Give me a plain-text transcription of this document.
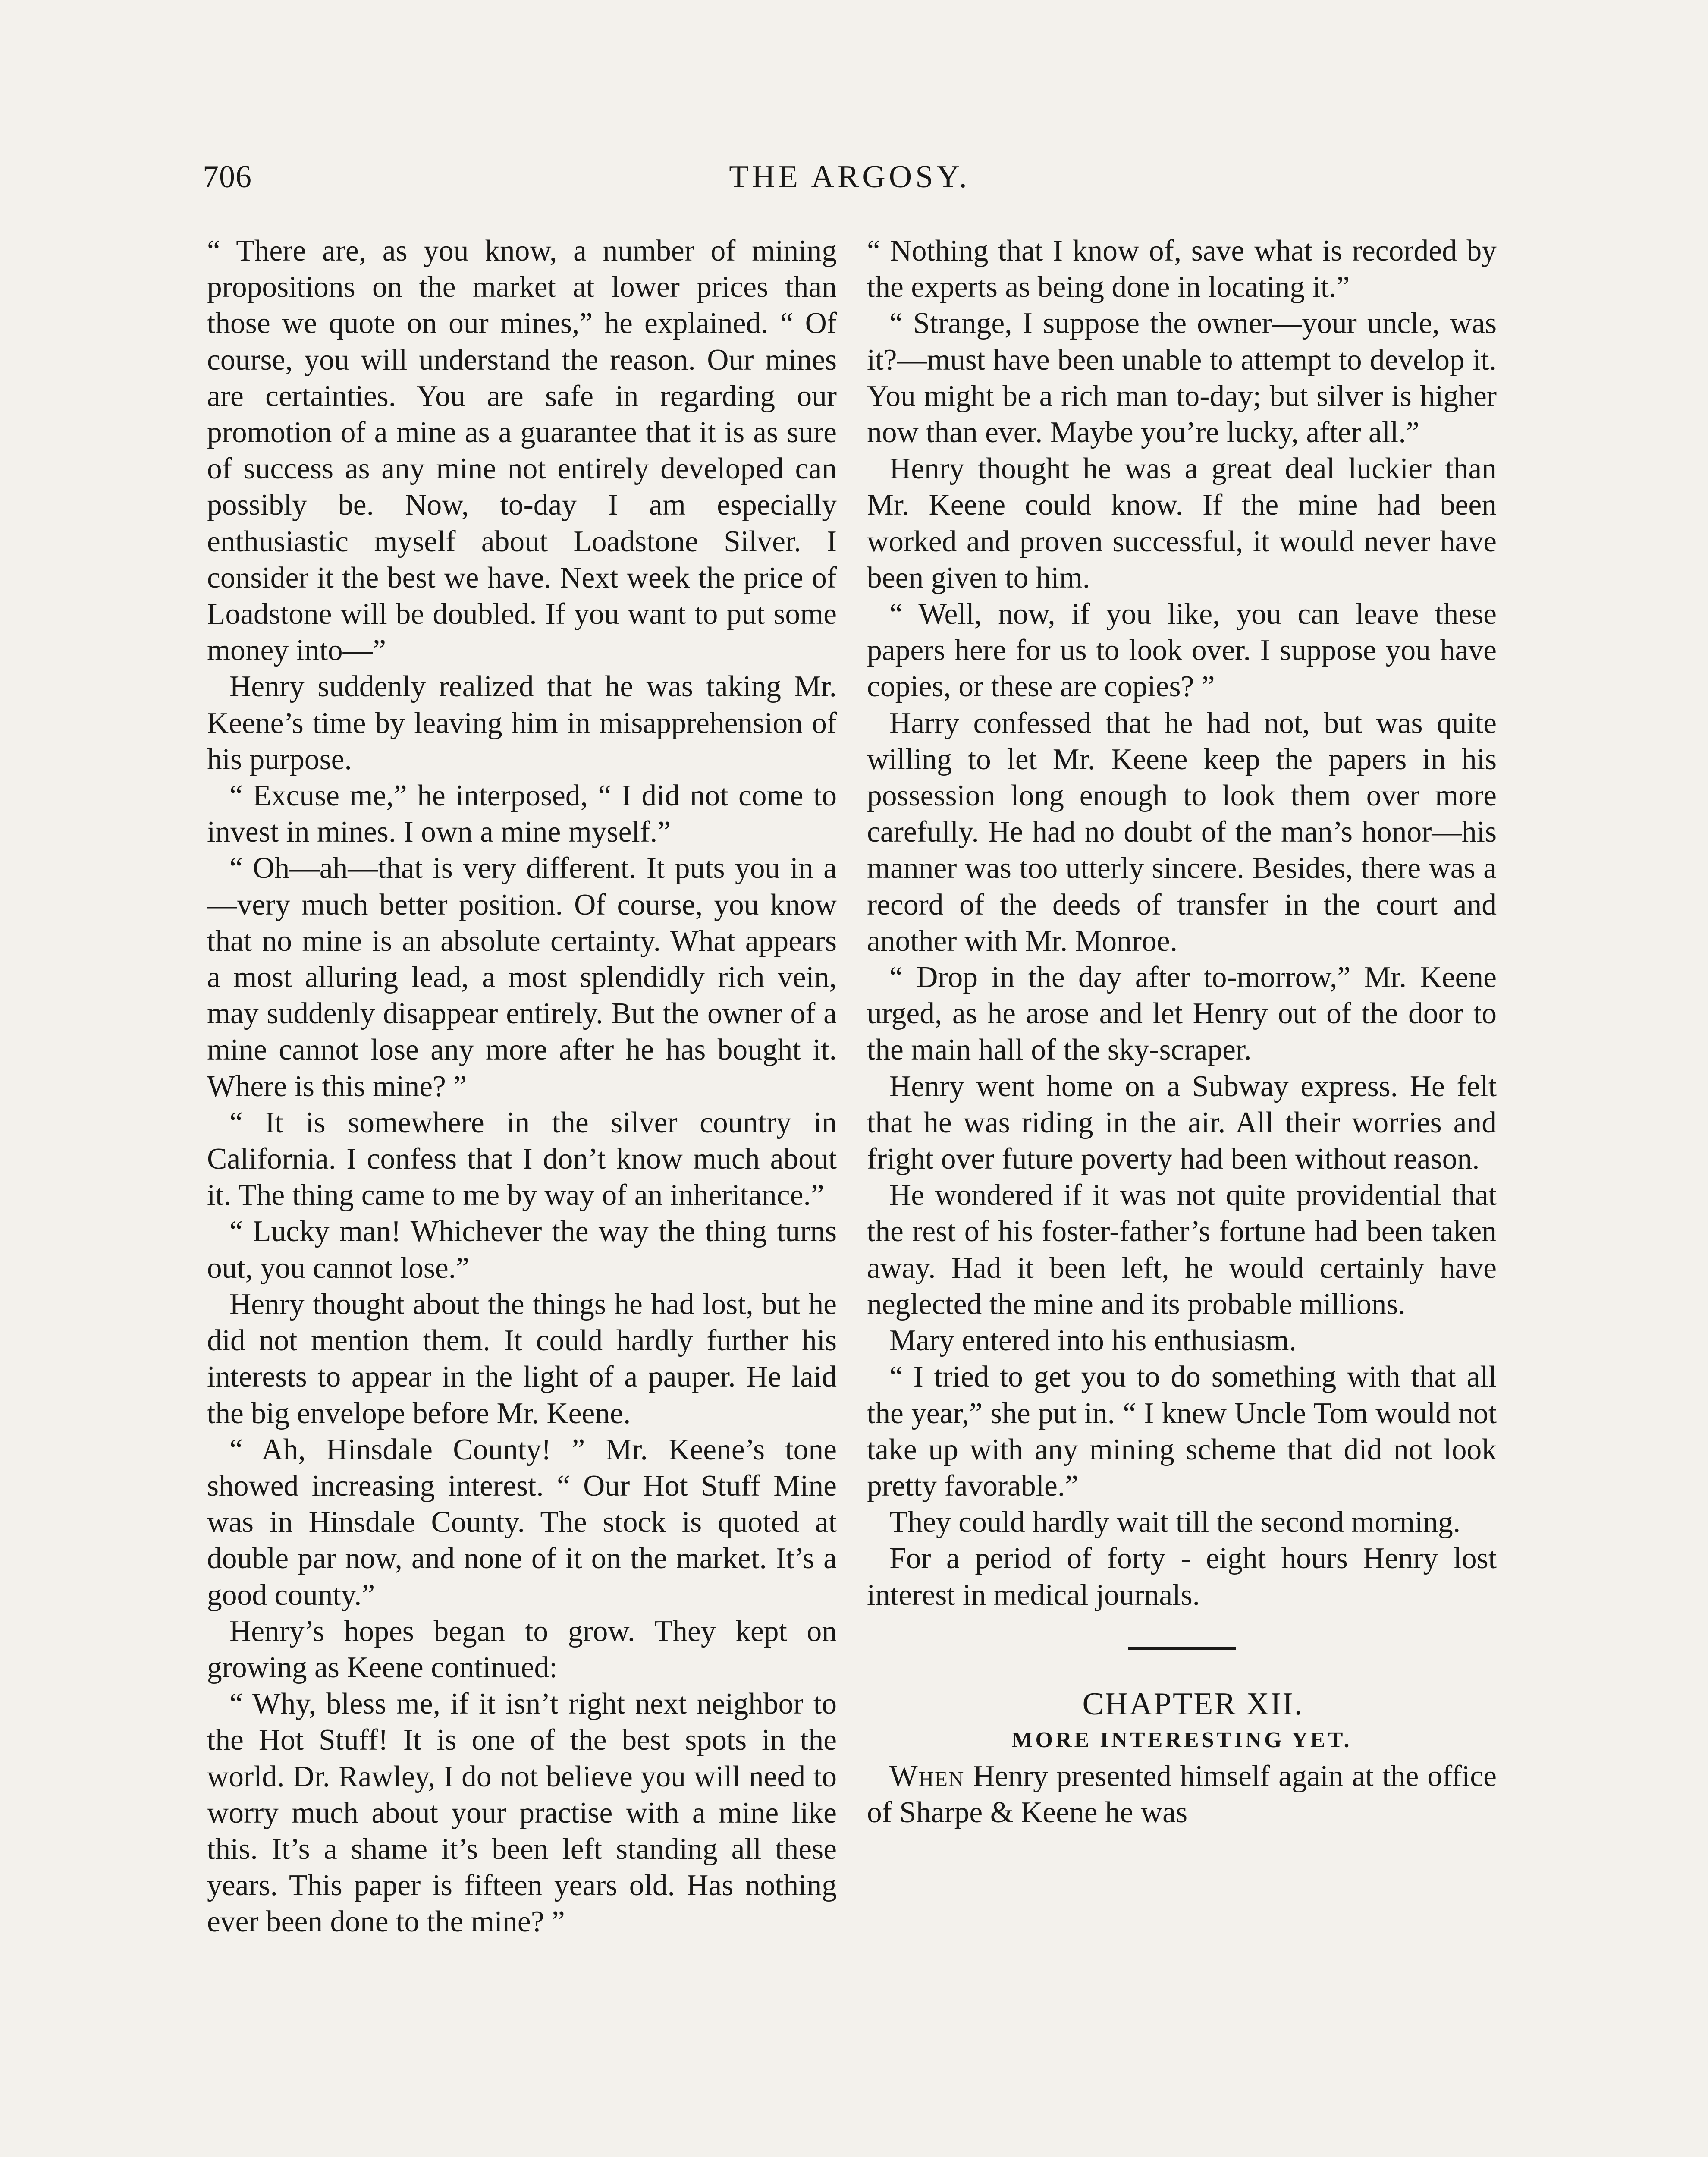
706	THE ARGOSY.

“ There are, as you know, a number of mining propositions on the market at lower prices than those we quote on our mines,” he explained. “ Of course, you will understand the reason. Our mines are certainties. You are safe in regarding our promotion of a mine as a guarantee that it is as sure of success as any mine not entirely developed can possibly be. Now, to-day I am especially enthusiastic myself about Loadstone Silver. I consider it the best we have. Next week the price of Loadstone will be doubled. If you want to put some money into—”

Henry suddenly realized that he was taking Mr. Keene’s time by leaving him in misapprehension of his purpose.

“ Excuse me,” he interposed, “ I did not come to invest in mines. I own a mine myself.”

“ Oh—ah—that is very different. It puts you in a—very much better position. Of course, you know that no mine is an absolute certainty. What appears a most alluring lead, a most splendidly rich vein, may suddenly disappear entirely. But the owner of a mine cannot lose any more after he has bought it. Where is this mine? ”

“ It is somewhere in the silver country in California. I confess that I don’t know much about it. The thing came to me by way of an inheritance.”

“ Lucky man! Whichever the way the thing turns out, you cannot lose.”

Henry thought about the things he had lost, but he did not mention them. It could hardly further his interests to appear in the light of a pauper. He laid the big envelope before Mr. Keene.

“ Ah, Hinsdale County! ” Mr. Keene’s tone showed increasing interest. “ Our Hot Stuff Mine was in Hinsdale County. The stock is quoted at double par now, and none of it on the market. It’s a good county.”

Henry’s hopes began to grow. They kept on growing as Keene continued:

“ Why, bless me, if it isn’t right next neighbor to the Hot Stuff! It is one of the best spots in the world. Dr. Rawley, I do not believe you will need to worry much about your practise with a mine like this. It’s a shame it’s been left standing all these years. This paper is fifteen years old. Has nothing ever been done to the mine? ”

“ Nothing that I know of, save what is recorded by the experts as being done in locating it.”

“ Strange, I suppose the owner—your uncle, was it?—must have been unable to attempt to develop it. You might be a rich man to-day; but silver is higher now than ever. Maybe you’re lucky, after all.”

Henry thought he was a great deal luckier than Mr. Keene could know. If the mine had been worked and proven successful, it would never have been given to him.

“ Well, now, if you like, you can leave these papers here for us to look over. I suppose you have copies, or these are copies? ”

Harry confessed that he had not, but was quite willing to let Mr. Keene keep the papers in his possession long enough to look them over more carefully. He had no doubt of the man’s honor—his manner was too utterly sincere. Besides, there was a record of the deeds of transfer in the court and another with Mr. Monroe.

“ Drop in the day after to-morrow,” Mr. Keene urged, as he arose and let Henry out of the door to the main hall of the sky-scraper.

Henry went home on a Subway express. He felt that he was riding in the air. All their worries and fright over future poverty had been without reason.

He wondered if it was not quite providential that the rest of his foster-father’s fortune had been taken away. Had it been left, he would certainly have neglected the mine and its probable millions.

Mary entered into his enthusiasm.

“ I tried to get you to do something with that all the year,” she put in. “ I knew Uncle Tom would not take up with any mining scheme that did not look pretty favorable.”

They could hardly wait till the second morning.

For a period of forty - eight hours Henry lost interest in medical journals.

CHAPTER XII.

MORE INTERESTING YET.

When Henry presented himself again at the office of Sharpe & Keene he was
